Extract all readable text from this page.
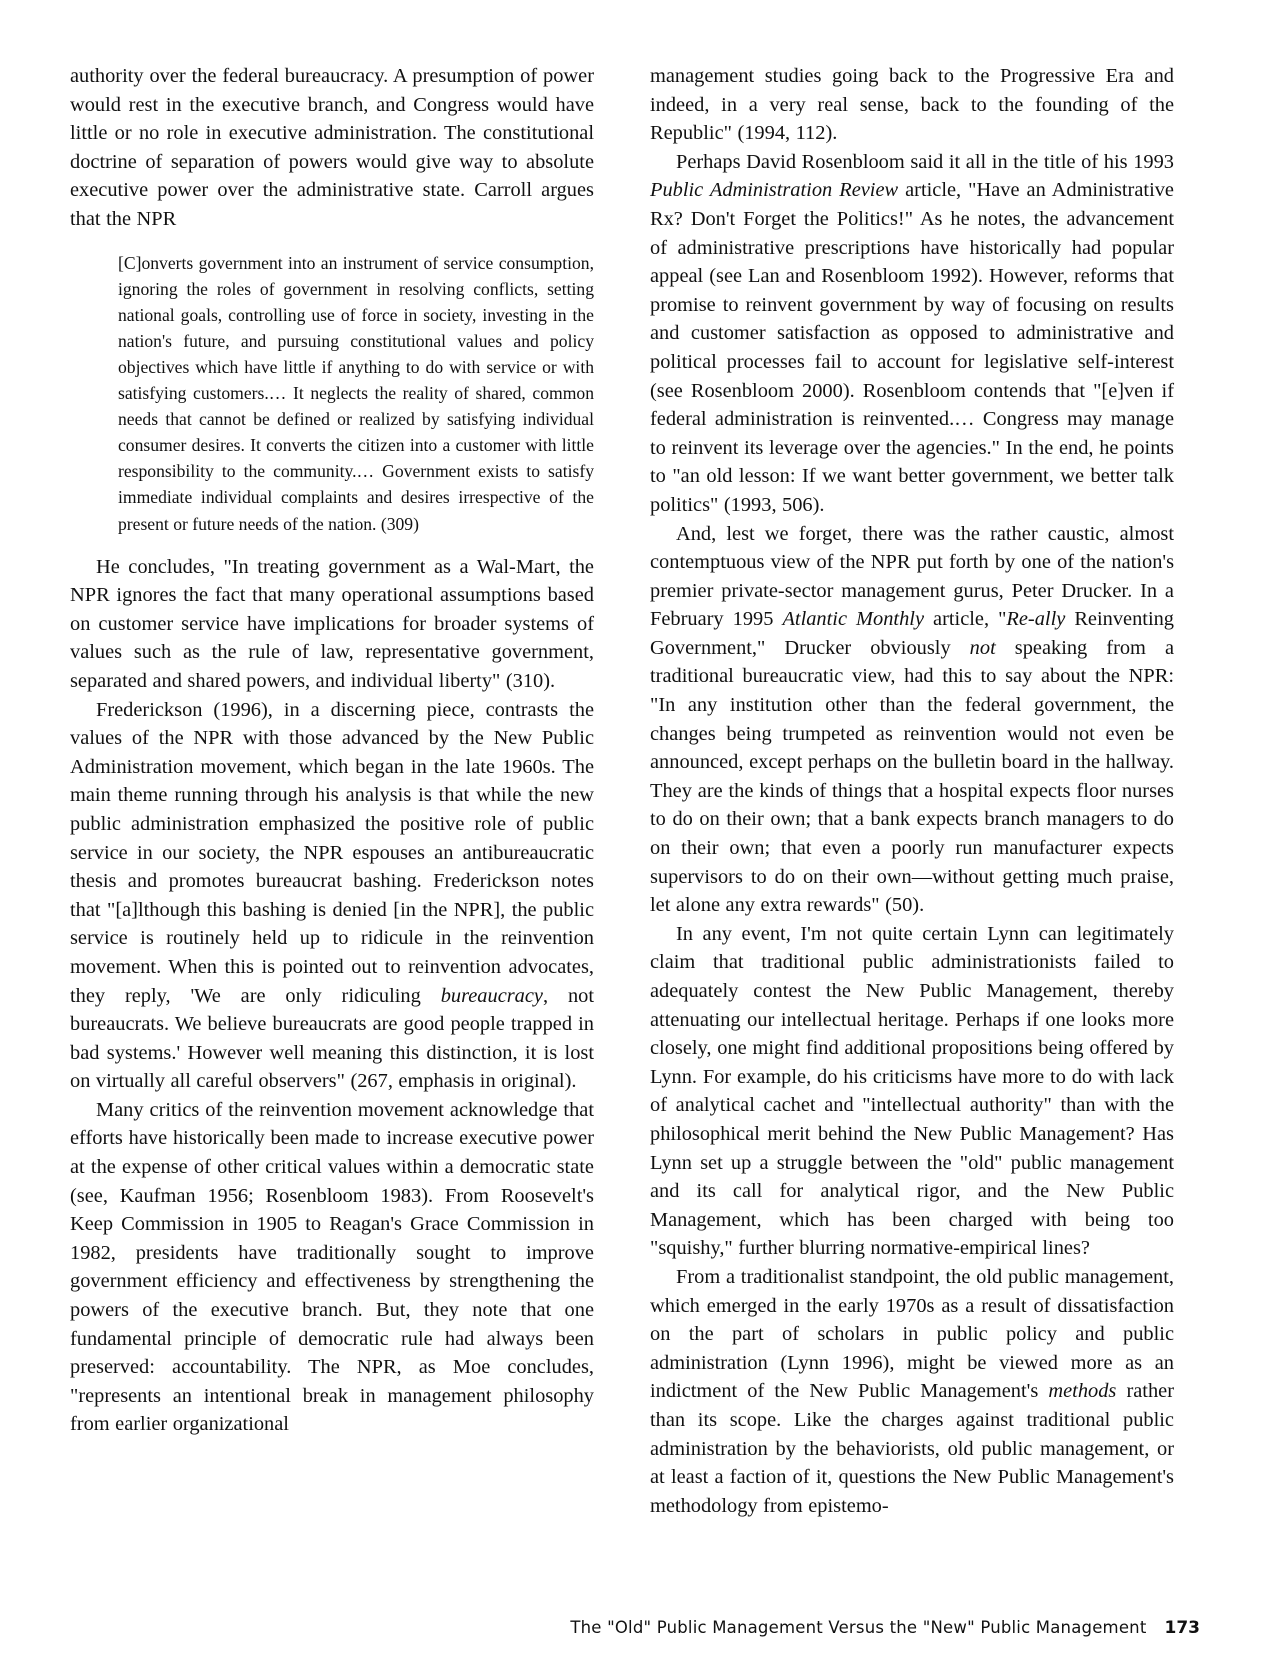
authority over the federal bureaucracy. A presumption of power would rest in the executive branch, and Congress would have little or no role in executive administration. The constitutional doctrine of separation of powers would give way to absolute executive power over the administrative state. Carroll argues that the NPR

[C]onverts government into an instrument of service consumption, ignoring the roles of government in resolving conflicts, setting national goals, controlling use of force in society, investing in the nation's future, and pursuing constitutional values and policy objectives which have little if anything to do with service or with satisfying customers.… It neglects the reality of shared, common needs that cannot be defined or realized by satisfying individual consumer desires. It converts the citizen into a customer with little responsibility to the community.… Government exists to satisfy immediate individual complaints and desires irrespective of the present or future needs of the nation. (309)

He concludes, "In treating government as a Wal-Mart, the NPR ignores the fact that many operational assumptions based on customer service have implications for broader systems of values such as the rule of law, representative government, separated and shared powers, and individual liberty" (310).

Frederickson (1996), in a discerning piece, contrasts the values of the NPR with those advanced by the New Public Administration movement, which began in the late 1960s. The main theme running through his analysis is that while the new public administration emphasized the positive role of public service in our society, the NPR espouses an antibureaucratic thesis and promotes bureaucrat bashing. Frederickson notes that "[a]lthough this bashing is denied [in the NPR], the public service is routinely held up to ridicule in the reinvention movement. When this is pointed out to reinvention advocates, they reply, 'We are only ridiculing bureaucracy, not bureaucrats. We believe bureaucrats are good people trapped in bad systems.' However well meaning this distinction, it is lost on virtually all careful observers" (267, emphasis in original).

Many critics of the reinvention movement acknowledge that efforts have historically been made to increase executive power at the expense of other critical values within a democratic state (see, Kaufman 1956; Rosenbloom 1983). From Roosevelt's Keep Commission in 1905 to Reagan's Grace Commission in 1982, presidents have traditionally sought to improve government efficiency and effectiveness by strengthening the powers of the executive branch. But, they note that one fundamental principle of democratic rule had always been preserved: accountability. The NPR, as Moe concludes, "represents an intentional break in management philosophy from earlier organizational

management studies going back to the Progressive Era and indeed, in a very real sense, back to the founding of the Republic" (1994, 112).

Perhaps David Rosenbloom said it all in the title of his 1993 Public Administration Review article, "Have an Administrative Rx? Don't Forget the Politics!" As he notes, the advancement of administrative prescriptions have historically had popular appeal (see Lan and Rosenbloom 1992). However, reforms that promise to reinvent government by way of focusing on results and customer satisfaction as opposed to administrative and political processes fail to account for legislative self-interest (see Rosenbloom 2000). Rosenbloom contends that "[e]ven if federal administration is reinvented.… Congress may manage to reinvent its leverage over the agencies." In the end, he points to "an old lesson: If we want better government, we better talk politics" (1993, 506).

And, lest we forget, there was the rather caustic, almost contemptuous view of the NPR put forth by one of the nation's premier private-sector management gurus, Peter Drucker. In a February 1995 Atlantic Monthly article, "Re-ally Reinventing Government," Drucker obviously not speaking from a traditional bureaucratic view, had this to say about the NPR: "In any institution other than the federal government, the changes being trumpeted as reinvention would not even be announced, except perhaps on the bulletin board in the hallway. They are the kinds of things that a hospital expects floor nurses to do on their own; that a bank expects branch managers to do on their own; that even a poorly run manufacturer expects supervisors to do on their own—without getting much praise, let alone any extra rewards" (50).

In any event, I'm not quite certain Lynn can legitimately claim that traditional public administrationists failed to adequately contest the New Public Management, thereby attenuating our intellectual heritage. Perhaps if one looks more closely, one might find additional propositions being offered by Lynn. For example, do his criticisms have more to do with lack of analytical cachet and "intellectual authority" than with the philosophical merit behind the New Public Management? Has Lynn set up a struggle between the "old" public management and its call for analytical rigor, and the New Public Management, which has been charged with being too "squishy," further blurring normative-empirical lines?

From a traditionalist standpoint, the old public management, which emerged in the early 1970s as a result of dissatisfaction on the part of scholars in public policy and public administration (Lynn 1996), might be viewed more as an indictment of the New Public Management's methods rather than its scope. Like the charges against traditional public administration by the behaviorists, old public management, or at least a faction of it, questions the New Public Management's methodology from epistemo-

The "Old" Public Management Versus the "New" Public Management 173
